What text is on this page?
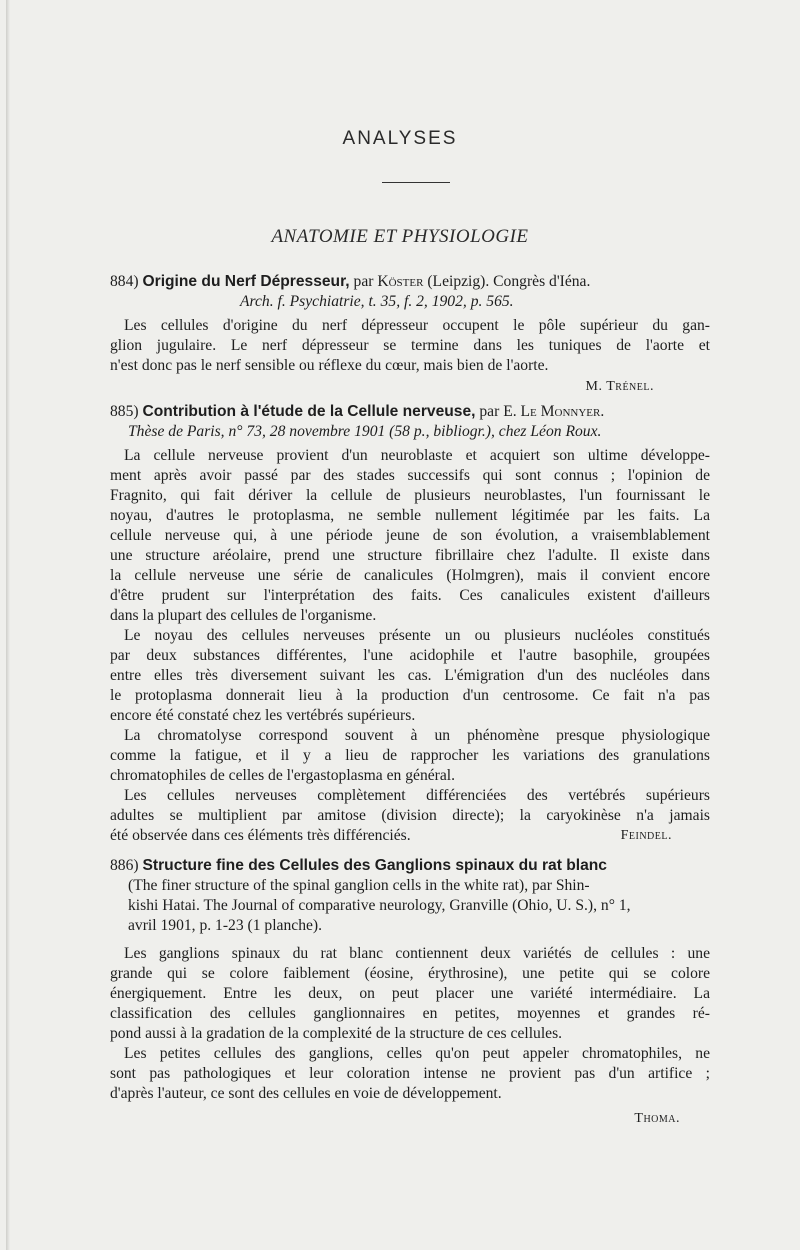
ANALYSES
ANATOMIE ET PHYSIOLOGIE
884) Origine du Nerf Dépresseur, par Köster (Leipzig). Congrès d'Iéna.
Arch. f. Psychiatrie, t. 35, f. 2, 1902, p. 565.
Les cellules d'origine du nerf dépresseur occupent le pôle supérieur du gan-
glion jugulaire. Le nerf dépresseur se termine dans les tuniques de l'aorte et
n'est donc pas le nerf sensible ou réflexe du cœur, mais bien de l'aorte.
M. Trénel.
885) Contribution à l'étude de la Cellule nerveuse, par E. Le Monnyer.
Thèse de Paris, n° 73, 28 novembre 1901 (58 p., bibliogr.), chez Léon Roux.
La cellule nerveuse provient d'un neuroblaste et acquiert son ultime développe-
ment après avoir passé par des stades successifs qui sont connus ; l'opinion de
Fragnito, qui fait dériver la cellule de plusieurs neuroblastes, l'un fournissant le
noyau, d'autres le protoplasma, ne semble nullement légitimée par les faits. La
cellule nerveuse qui, à une période jeune de son évolution, a vraisemblablement
une structure aréolaire, prend une structure fibrillaire chez l'adulte. Il existe dans
la cellule nerveuse une série de canalicules (Holmgren), mais il convient encore
d'être prudent sur l'interprétation des faits. Ces canalicules existent d'ailleurs
dans la plupart des cellules de l'organisme.
Le noyau des cellules nerveuses présente un ou plusieurs nucléoles constitués
par deux substances différentes, l'une acidophile et l'autre basophile, groupées
entre elles très diversement suivant les cas. L'émigration d'un des nucléoles dans
le protoplasma donnerait lieu à la production d'un centrosome. Ce fait n'a pas
encore été constaté chez les vertébrés supérieurs.
La chromatolyse correspond souvent à un phénomène presque physiologique
comme la fatigue, et il y a lieu de rapprocher les variations des granulations
chromatophiles de celles de l'ergastoplasma en général.
Les cellules nerveuses complètement différenciées des vertébrés supérieurs
adultes se multiplient par amitose (division directe); la caryokinèse n'a jamais
été observée dans ces éléments très différenciés.	Feindel.
886) Structure fine des Cellules des Ganglions spinaux du rat blanc
(The finer structure of the spinal ganglion cells in the white rat), par Shin-
kishi Hatai. The Journal of comparative neurology, Granville (Ohio, U. S.), n° 1,
avril 1901, p. 1-23 (1 planche).
Les ganglions spinaux du rat blanc contiennent deux variétés de cellules : une
grande qui se colore faiblement (éosine, érythrosine), une petite qui se colore
énergiquement. Entre les deux, on peut placer une variété intermédiaire. La
classification des cellules ganglionnaires en petites, moyennes et grandes ré-
pond aussi à la gradation de la complexité de la structure de ces cellules.
Les petites cellules des ganglions, celles qu'on peut appeler chromatophiles, ne
sont pas pathologiques et leur coloration intense ne provient pas d'un artifice ;
d'après l'auteur, ce sont des cellules en voie de développement.
Thoma.
